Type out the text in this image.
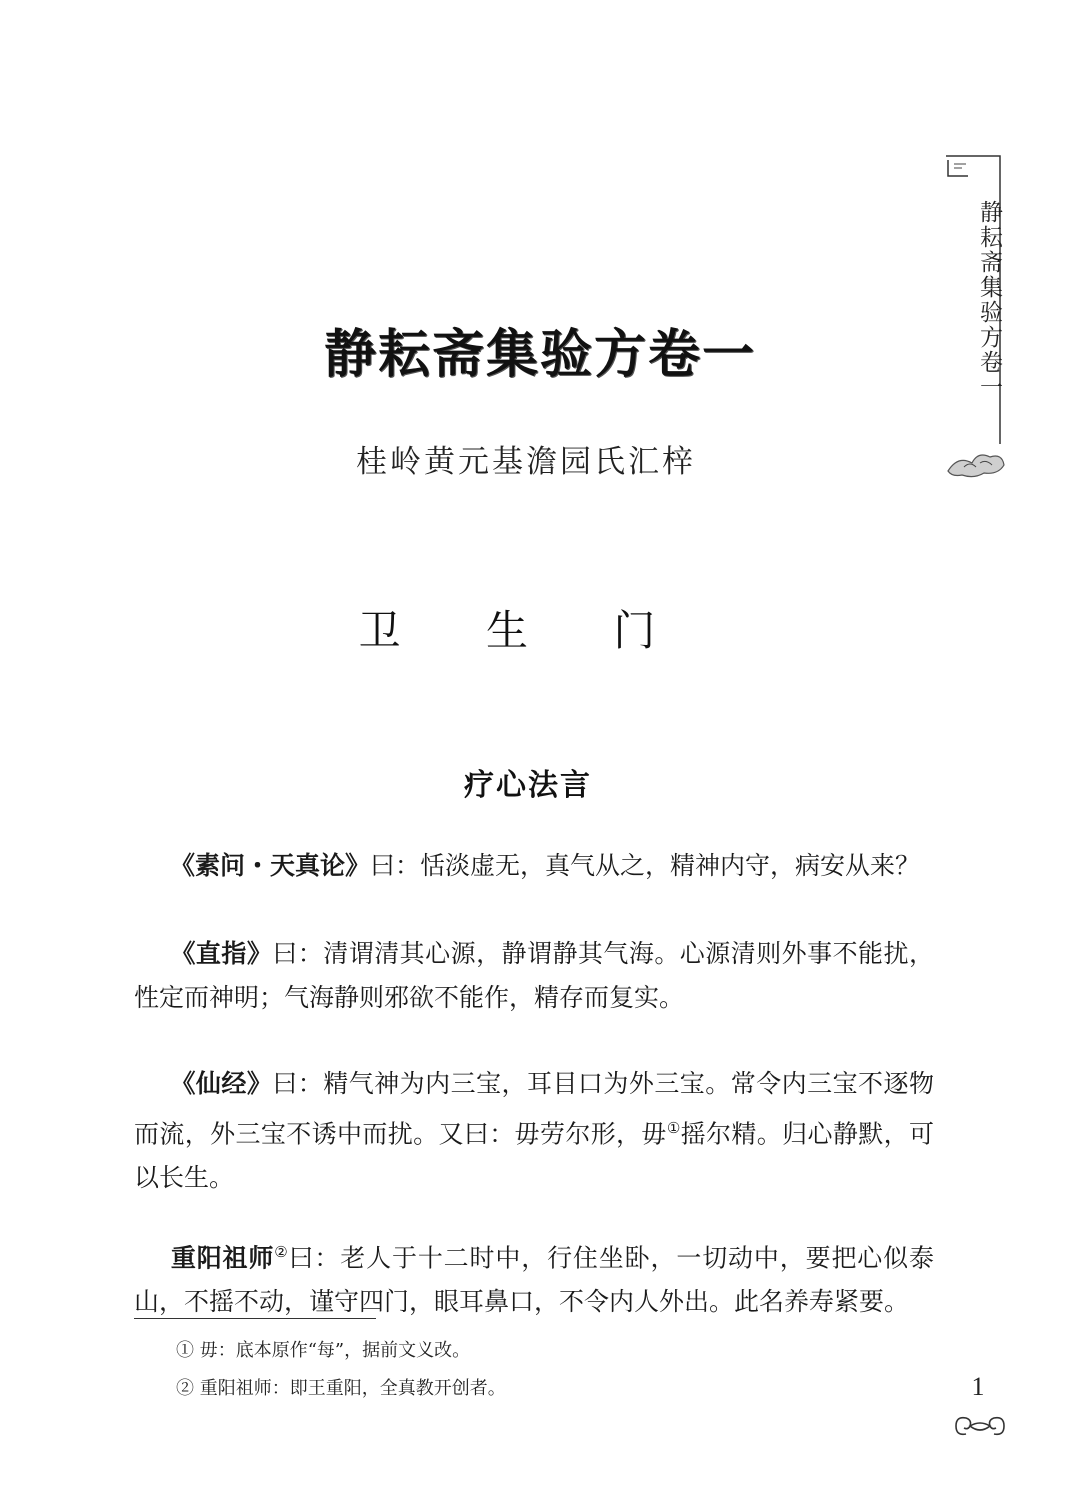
静耘斋集验方卷一
静耘斋集验方卷一
桂岭黄元基澹园氏汇梓
卫 生 门
疗心法言

《素问・天真论》曰：恬淡虚无，真气从之，精神内守，病安从来？

《直指》曰：清谓清其心源，静谓静其气海。心源清则外事不能扰，性定而神明；气海静则邪欲不能作，精存而复实。

《仙经》曰：精气神为内三宝，耳目口为外三宝。常令内三宝不逐物而流，外三宝不诱中而扰。又曰：毋劳尔形，毋①摇尔精。归心静默，可以长生。

重阳祖师②曰：老人于十二时中，行住坐卧，一切动中，要把心似泰山，不摇不动，谨守四门，眼耳鼻口，不令内人外出。此名养寿紧要。

① 毋：底本原作“每”，据前文义改。

② 重阳祖师：即王重阳，全真教开创者。	1
